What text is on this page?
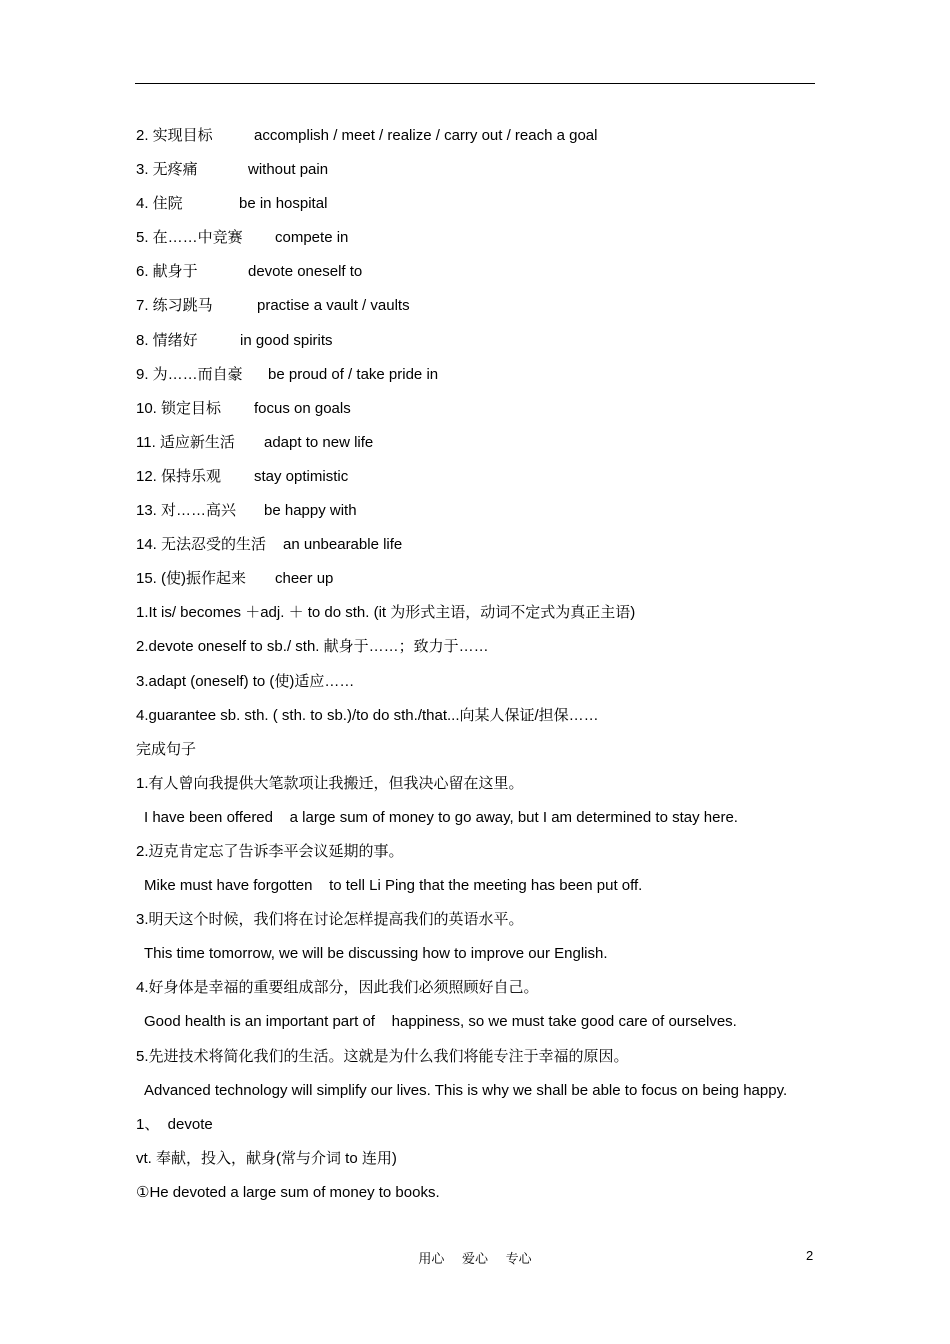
2. 实现目标	accomplish / meet / realize / carry out / reach a goal
3. 无疼痛	without pain
4. 住院	be in hospital
5. 在……中竞赛 compete in
6. 献身于	devote oneself to
7. 练习跳马	practise a vault / vaults
8. 情绪好	in good spirits
9. 为……而自豪 be proud of / take pride in
10. 锁定目标 focus on goals
11. 适应新生活 adapt to new life
12. 保持乐观 stay optimistic
13. 对……高兴 be happy with
14. 无法忍受的生活 an unbearable life
15. (使)振作起来 cheer up
1.It is/ becomes ＋adj. ＋ to do sth. (it 为形式主语，动词不定式为真正主语)
2.devote oneself to sb./ sth. 献身于……；致力于……
3.adapt (oneself) to (使)适应……
4.guarantee sb. sth. ( sth. to sb.)/to do sth./that...向某人保证/担保……
完成句子
1.有人曾向我提供大笔款项让我搬迁，但我决心留在这里。
I have been offered    a large sum of money to go away, but I am determined to stay here.
2.迈克肯定忘了告诉李平会议延期的事。
Mike must have forgotten    to tell Li Ping that the meeting has been put off.
3.明天这个时候，我们将在讨论怎样提高我们的英语水平。
This time tomorrow, we will be discussing how to improve our English.
4.好身体是幸福的重要组成部分，因此我们必须照顾好自己。
Good health is an important part of    happiness, so we must take good care of ourselves.
5.先进技术将简化我们的生活。这就是为什么我们将能专注于幸福的原因。
Advanced technology will simplify our lives. This is why we shall be able to focus on being happy.
1、  devote
vt. 奉献，投入，献身(常与介词 to 连用)
①He devoted a large sum of money to books.
用心 爱心 专心	2
